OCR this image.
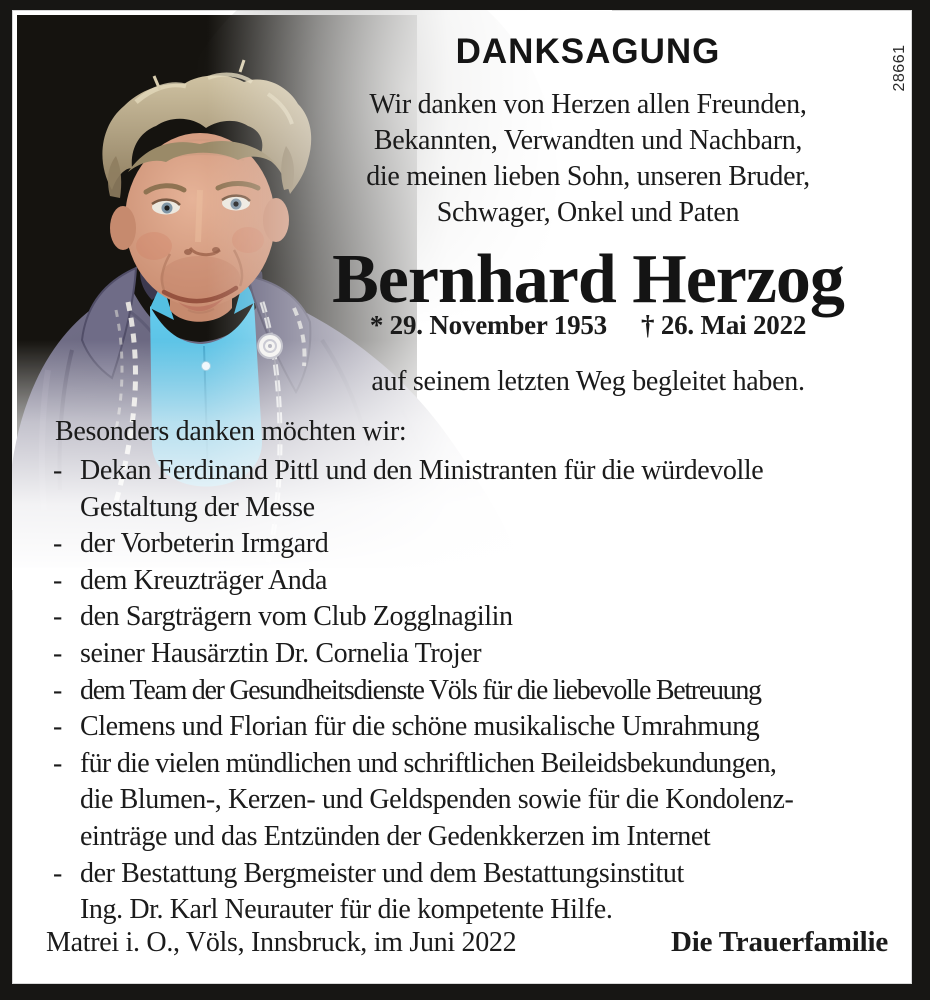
28661
DANKSAGUNG
Wir danken von Herzen allen Freunden,
Bekannten, Verwandten und Nachbarn,
die meinen lieben Sohn, unseren Bruder,
Schwager, Onkel und Paten
Bernhard Herzog
* 29. November 1953 † 26. Mai 2022
auf seinem letzten Weg begleitet haben.
Besonders danken möchten wir:
- Dekan Ferdinand Pittl und den Ministranten für die würdevolle
Gestaltung der Messe
- der Vorbeterin Irmgard
- dem Kreuzträger Anda
- den Sargträgern vom Club Zogglnagilin
- seiner Hausärztin Dr. Cornelia Trojer
- dem Team der Gesundheitsdienste Völs für die liebevolle Betreuung
- Clemens und Florian für die schöne musikalische Umrahmung
- für die vielen mündlichen und schriftlichen Beileidsbekundungen,
die Blumen-, Kerzen- und Geldspenden sowie für die Kondolenz-
einträge und das Entzünden der Gedenkkerzen im Internet
- der Bestattung Bergmeister und dem Bestattungsinstitut
Ing. Dr. Karl Neurauter für die kompetente Hilfe.
Matrei i. O., Völs, Innsbruck, im Juni 2022	Die Trauerfamilie
